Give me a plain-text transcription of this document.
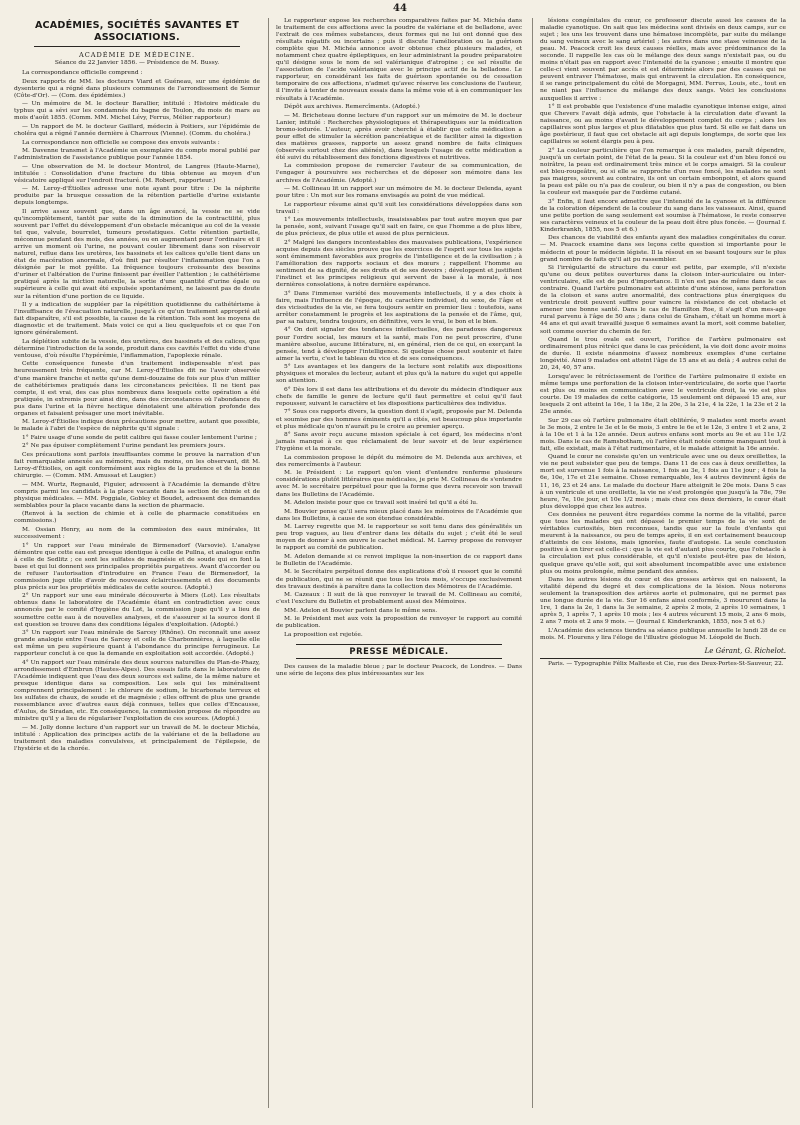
44
ACADÉMIES, SOCIÉTÉS SAVANTES ET ASSOCIATIONS.
ACADÉMIE DE MÉDECINE.
Séance du 22 Janvier 1856. — Présidence de M. Bussy.

La correspondance officielle comprend :

Deux rapports de MM. les docteurs Viard et Guéneau, sur une épidémie de dysenterie qui a régné dans plusieurs communes de l'arrondissement de Semur (Côte-d'Or). — (Com. des épidémies.)

— Un mémoire de M. le docteur Barallier, intitulé : Histoire médicale du typhus qui a sévi sur les condamnés du bagne de Toulon, du mois de mars au mois d'août 1855. (Comm. MM. Michel Lévy, Ferrus, Mélier rapporteur.)

— Un rapport de M. le docteur Gaillard, médecin à Poitiers, sur l'épidémie de choléra qui a régné l'année dernière à Charroux (Vienne). (Comm. du choléra.)

La correspondance non officielle se compose des envois suivants :

M. Davenne transmet à l'Académie un exemplaire du compte moral publié par l'administration de l'assistance publique pour l'année 1854.

— Une observation de M. le docteur Montrol, de Langres (Haute-Marne), intitulée : Consolidation d'une fracture du tibia obtenue au moyen d'un vésicatoire appliqué sur l'endroit fracturé. (M. Robert, rapporteur.)

— M. Leroy-d'Étiolles adresse une note ayant pour titre : De la néphrite produite par la brusque cessation de la rétention partielle d'urine existante depuis longtemps.

Il arrive assez souvent que, dans un âge avancé, la vessie ne se vide qu'incomplètement, tantôt par suite de la diminution de la contractilité, plus souvent par l'effet du développement d'un obstacle mécanique au col de la vessie tel que, valvule, bourrelet, tumeurs prostatiques. Cette rétention partielle, méconnue pendant des mois, des années, ou en augmentant pour l'ordinaire et il arrive un moment où l'urine, ne pouvant couler librement dans son réservoir naturel, reflue dans les uretères, les bassinets et les calices qu'elle tient dans un état de macération anormale, d'où finit par résulter l'inflammation que l'on a désignée par le mot pyélite. La fréquence toujours croissante des besoins d'uriner et l'altération de l'urine finissent par éveiller l'attention ; le cathétérisme pratiqué après la miction naturelle, la sortie d'une quantité d'urine égale ou supérieure à celle qui avait été expulsée spontanément, ne laissent pas de doute sur la rétention d'une portion de ce liquide.

Il y a indication de suppléer par la répétition quotidienne du cathétérisme à l'insuffisance de l'évacuation naturelle, jusqu'à ce qu'un traitement approprié ait fait disparaître, s'il est possible, la cause de la rétention. Tels sont les moyens de diagnostic et de traitement. Mais voici ce qui a lieu quelquefois et ce que l'on ignore généralement.

La déplétion subite de la vessie, des uretères, des bassinets et des calices, que détermine l'introduction de la sonde, produit dans ces cavités l'effet du vide d'une ventouse, d'où résulte l'hypérémie, l'inflammation, l'apoplexie rénale.

Cette conséquence funeste d'un traitement indispensable n'est pas heureusement très fréquente, car M. Leroy-d'Étiolles dit ne l'avoir observée d'une manière franche et nette qu'une demi-douzaine de fois sur plus d'un millier de cathétérismes pratiqués dans les circonstances précitées. Il ne tient pas compte, il est vrai, des cas plus nombreux dans lesquels cette opération a été pratiquée, in extremis pour ainsi dire, dans des circonstances où l'abondance du pus dans l'urine et la fièvre hectique dénotaient une altération profonde des organes et faisaient présager une mort inévitable.

M. Leroy-d'Étiolles indique deux précautions pour mettre, autant que possible, le malade à l'abri de l'espèce de néphrite qu'il signale :

1° Faire usage d'une sonde de petit calibre qui fasse couler lentement l'urine ;

2° Ne pas épuiser complètement l'urine pendant les premiers jours.

Ces précautions sont parfois insuffisantes comme le prouve la narration d'un fait remarquable annexée au mémoire, mais du moins, on les observant, dit M. Leroy-d'Étiolles, on agit conformément aux règles de la prudence et de la bonne chirurgie. — (Comm. MM. Amussat et Laugier.)

— MM. Wurtz, Regnauld, Figuier, adressent à l'Académie la demande d'être compris parmi les candidats à la place vacante dans la section de chimie et de physique médicales. — MM. Poggiale, Gobley et Boudet, adressent des demandes semblables pour la place vacante dans la section de pharmacie.

(Renvoi à la section de chimie et à celle de pharmacie constituées en commissions.)

M. Ossian Henry, au nom de la commission des eaux minérales, lit successivement :

1° Un rapport sur l'eau minérale de Birmensdorf (Varsovie). L'analyse démontre que cette eau est presque identique à celle de Pullna, et analogue enfin à celle de Sedlitz ; ce sont les sulfates de magnésie et de soude qui en font la base et qui lui donnent ses principales propriétés purgatives. Avant d'accorder ou de refuser l'autorisation d'introduire en France l'eau de Birmensdorf, la commission juge utile d'avoir de nouveaux éclaircissements et des documents plus précis sur les propriétés médicales de cette source. (Adopté.)

2° Un rapport sur une eau minérale découverte à Miers (Lot). Les résultats obtenus dans le laboratoire de l'Académie étant en contradiction avec ceux annoncés par le comité d'hygiène du Lot, la commission juge qu'il y a lieu de soumettre cette eau à de nouvelles analyses, et de s'assurer si la source dont il est question se trouve dans des conditions légales d'exploitation. (Adopté.)

3° Un rapport sur l'eau minérale de Sarcey (Rhône). On reconnaît une assez grande analogie entre l'eau de Sarcey et celle de Charbonnières, à laquelle elle est même un peu supérieure quant à l'abondance du principe ferrugineux. Le rapporteur conclut à ce que la demande en exploitation soit accordée. (Adopté.)

4° Un rapport sur l'eau minérale des deux sources naturelles du Plan-de-Phazy, arrondissement d'Embrun (Hautes-Alpes). Des essais faits dans le laboratoire de l'Académie indiquent que l'eau des deux sources est saline, de la même nature et presque identique dans sa composition. Les sels qui les minéralisent comprennent principalement : le chlorure de sodium, le bicarbonate terreux et les sulfates de chaux, de soude et de magnésie ; elles offrent de plus une grande ressemblance avec d'autres eaux déjà connues, telles que celles d'Encausse, d'Aulus, de Siradan, etc. En conséquence, la commission propose de répondre au ministre qu'il y a lieu de régulariser l'exploitation de ces sources. (Adopté.)

— M. Jolly donne lecture d'un rapport sur un travail de M. le docteur Michéa, intitulé : Application des principes actifs de la valériane et de la belladone au traitement des maladies convulsives, et principalement de l'épilepsie, de l'hystérie et de la chorée.

Le rapporteur expose les recherches comparatives faites par M. Michéa dans le traitement de ces affections avec la poudre de valériane et de belladone, avec l'extrait de ces mêmes substances, deux formes qui ne lui ont donné que des résultats négatifs ou incertains ; puis il discute l'amélioration ou la guérison complète que M. Michéa annonce avoir obtenue chez plusieurs malades, et notamment chez quatre épileptiques, en leur administrant la poudre préparatoire qu'il désigne sous le nom de sel valérianique d'atropine ; ce sel résulte de l'association de l'acide valérianique avec le principe actif de la belladone. Le rapporteur, en considérant les faits de guérison spontanée ou de cessation temporaire de ces affections, n'admet qu'avec réserve les conclusions de l'auteur, il l'invite à tenter de nouveaux essais dans la même voie et à en communiquer les résultats à l'Académie.

Dépôt aux archives. Remercîments. (Adopté.)

— M. Bricheteau donne lecture d'un rapport sur un mémoire de M. le docteur Lanier, intitulé : Recherches physiologiques et thérapeutiques sur la médication bromo-iodurée. L'auteur, après avoir cherché à établir que cette médication a pour effet de stimuler la sécrétion pancréatique et de faciliter ainsi la digestion des matières grasses, rapporte un assez grand nombre de faits cliniques (observés surtout chez des aliénés), dans lesquels l'usage de cette médication a été suivi du rétablissement des fonctions digestives et nutritives.

La commission propose de remercier l'auteur de sa communication, de l'engager à poursuivre ses recherches et de déposer son mémoire dans les archives de l'Académie. (Adopté.)

— M. Collineau lit un rapport sur un mémoire de M. le docteur Delenda, ayant pour titre : Un mot sur les romans envisagés au point de vue médical.

Le rapporteur résume ainsi qu'il suit les considérations développées dans son travail :

1° Les mouvements intellectuels, insaisissables par tout autre moyen que par la pensée, sont, suivant l'usage qu'il sait en faire, ce que l'homme a de plus libre, de plus précieux, de plus utile et aussi de plus pernicieux.

2° Malgré les dangers incontestables des mauvaises publications, l'expérience acquise depuis des siècles prouve que les exercices de l'esprit sur tous les sujets sont éminemment favorables aux progrès de l'intelligence et de la civilisation ; à l'amélioration des rapports sociaux et des mœurs ; rappellent l'homme au sentiment de sa dignité, de ses droits et de ses devoirs ; développent et justifient l'instinct et les principes religieux qui servent de base à la morale, à nos dernières consolations, à notre dernière espérance.

3° Dans l'immense variété des mouvements intellectuels, il y a des choix à faire, mais l'influence de l'époque, du caractère individuel, du sexe, de l'âge et des vicissitudes de la vie, se fera toujours sentir en premier lieu : toutefois, sans arrêter constamment le progrès et les aspirations de la pensée et de l'âme, qui, par sa nature, tendra toujours, en définitive, vers le vrai, le bon et le bien.

4° On doit signaler des tendances intellectuelles, des paradoxes dangereux pour l'ordre social, les mœurs et la santé, mais l'on ne peut proscrire, d'une manière absolue, aucune littérature, ni, en général, rien de ce qui, en exerçant la pensée, tend à développer l'intelligence. Si quelque chose peut soutenir et faire aimer la vertu, c'est le tableau du vice et de ses conséquences.

5° Les avantages et les dangers de la lecture sont relatifs aux dispositions physiques et morales du lecteur, autant et plus qu'à la nature du sujet qui appelle son attention.

6° Dès lors il est dans les attributions et du devoir du médecin d'indiquer aux chefs de famille le genre de lecture qu'il faut permettre et celui qu'il faut repousser, suivant le caractère et les dispositions particulières des individus.

7° Sous ces rapports divers, la question dont il s'agit, proposée par M. Delenda et soumise par des hommes éminents qu'il a cités, est beaucoup plus importante et plus médicale qu'on n'aurait pu le croire au premier aperçu.

8° Sans avoir reçu aucune mission spéciale à cet égard, les médecins n'ont jamais manqué à ce que réclamaient de leur savoir et de leur expérience l'hygiène et la morale.

La commission propose le dépôt du mémoire de M. Delenda aux archives, et des remercîments à l'auteur.

M. le Président : Le rapport qu'on vient d'entendre renferme plusieurs considérations plutôt littéraires que médicales, je prie M. Collineau de s'entendre avec M. le secrétaire perpétuel pour que la forme que devra recevoir son travail dans les Bulletins de l'Académie.

M. Adelon insiste pour que ce travail soit inséré tel qu'il a été lu.

M. Bouvier pense qu'il sera mieux placé dans les mémoires de l'Académie que dans les Bulletins, à cause de son étendue considérable.

M. Larrey regrette que M. le rapporteur se soit tenu dans des généralités un peu trop vagues, au lieu d'entrer dans les détails du sujet ; c'eût été le seul moyen de donner à son œuvre le cachet médical. M. Larrey propose de renvoyer le rapport au comité de publication.

M. Adelon demande si ce renvoi implique la non-insertion de ce rapport dans le Bulletin de l'Académie.

M. le Secrétaire perpétuel donne des explications d'où il ressort que le comité de publication, qui ne se réunit que tous les trois mois, s'occupe exclusivement des travaux destinés à paraître dans la collection des Mémoires de l'Académie.

M. Cazeaux : Il suit de là que renvoyer le travail de M. Collineau au comité, c'est l'exclure du Bulletin et probablement aussi des Mémoires.

MM. Adelon et Bouvier parlent dans le même sens.

M. le Président met aux voix la proposition de renvoyer le rapport au comité de publication.

La proposition est rejetée.

PRESSE MÉDICALE.

Des causes de la maladie bleue ; par le docteur Peacock, de Londres. — Dans une série de leçons des plus intéressantes sur les

lésions congénitales du cœur, ce professeur discute aussi les causes de la maladie cyanotique. On sait que les médecins sont divisés en deux camps, sur ce sujet ; les uns les trouvent dans une hématose incomplète, par suite du mélange du sang veineux avec le sang artériel ; les autres dans une stase veineuse de la peau. M. Peacock croit les deux causes réelles, mais avec prédominance de la seconde. Il rappelle les cas où le mélange des deux sangs n'existait pas, ou du moins n'était pas en rapport avec l'intensité de la cyanose ; ensuite il montre que celle-ci vient souvent par accès et est déterminée alors par des causes qui ne peuvent entraver l'hématose, mais qui entravent la circulation. En conséquence, il se range principalement du côté de Morgagni, MM. Ferrus, Louis, etc., tout en ne niant pas l'influence du mélange des deux sangs. Voici les conclusions auxquelles il arrive :

1° Il est probable que l'existence d'une maladie cyanotique intense exige, ainsi que Chevers l'avait déjà admis, que l'obstacle à la circulation date d'avant la naissance, ou au moins d'avant le développement complet du corps ; alors les capillaires sont plus larges et plus dilatables que plus tard. Si elle se fait dans un âge postérieur, il faut que cet obstacle ait agi depuis longtemps, de sorte que les capillaires se soient élargis peu à peu.

2° La couleur particulière que l'on remarque à ces malades, paraît dépendre, jusqu'à un certain point, de l'état de la peau. Si la couleur est d'un bleu foncé ou noirâtre, la peau est ordinairement très mince et le corps amaigri. Si la couleur est bleu-rougeâtre, ou si elle se rapproche d'un rose foncé, les malades ne sont pas maigres, souvent au contraire, ils ont un certain embonpoint, et alors quand la peau est pâle ou n'a pas de couleur, ou bien il n'y a pas de congestion, ou bien la couleur est masquée par de l'œdème cutané.

3° Enfin, il faut encore admettre que l'intensité de la cyanose et la différence de la coloration dépendent de la couleur du sang dans les vaisseaux. Ainsi, quand une petite portion de sang seulement est soumise à l'hématose, le reste conserve ses caractères veineux et la couleur de la peau doit être plus foncée. — (Journal f. Kinderkrankh, 1855, nos 5 et 6.)

Des chances de viabilité des enfants ayant des maladies congénitales du cœur. — M. Peacock examine dans ses leçons cette question si importante pour le médecin et pour le médecin légiste. Il la résout en se basant toujours sur le plus grand nombre de faits qu'il ait pu rassembler.

Si l'irrégularité de structure du cœur est petite, par exemple, s'il n'existe qu'une ou deux petites ouvertures dans la cloison inter-auriculaire ou inter-ventriculaire, elle est de peu d'importance. Il n'en est pas de même dans le cas contraire. Quand l'artère pulmonaire est atteinte d'une sténose, sans perforation de la cloison et sans autre anormalité, des contractions plus énergiques du ventricule droit peuvent suffire pour vaincre la résistance de cet obstacle et amener une bonne santé. Dans le cas de Hamilton Roe, il s'agit d'un mes-age rural parvenu à l'âge de 50 ans ; dans celui de Graham, c'était un homme mort à 44 ans et qui avait travaillé jusque 6 semaines avant la mort, soit comme batelier, soit comme ouvrier du chemin de fer.

Quand le trou ovale est ouvert, l'orifice de l'artère pulmonaire est ordinairement plus rétréci que dans le cas précédent, la vie doit donc avoir moins de durée. Il existe néanmoins d'assez nombreux exemples d'une certaine longévité. Ainsi 9 malades ont atteint l'âge de 15 ans et au delà ; 4 autres celui de 20, 24, 40, 57 ans.

Lorsqu'avec le rétrécissement de l'orifice de l'artère pulmonaire il existe en même temps une perforation de la cloison inter-ventriculaire, de sorte que l'aorte est plus ou moins en communication avec le ventricule droit, la vie est plus courte. De 19 malades de cette catégorie, 15 seulement ont dépassé 15 ans, sur lesquels 2 ont atteint la 16e, 1 la 18e, 2 la 20e, 3 la 21e, 4 la 22e, 1 la 23e et 2 la 25e année.

Sur 29 cas où l'artère pulmonaire était oblitérée, 9 malades sont morts avant le 3e mois, 2 entre le 3e et le 6e mois, 3 entre le 6e et le 12e, 3 entre 1 et 2 ans, 2 à la 10e et 1 à la 12e année. Deux autres enfans sont morts au 9e et au 11e 1/2 mois. Dans le cas de Ramsbotham, où l'artère était notée comme manquant tout à fait, elle existait, mais à l'état rudimentaire, et le malade atteignit la 16e année.

Quand le cœur ne consiste qu'en un ventricule avec une ou deux oreillettes, la vie ne peut subsister que peu de temps. Dans 11 de ces cas à deux oreillettes, la mort est survenue 1 fois à la naissance, 1 fois au 3e, 1 fois au 11e jour ; 4 fois la 6e, 10e, 17e et 21e semaine. Chose remarquable, les 4 autres devinrent âgés de 11, 16, 23 et 24 ans. Le malade du docteur Hare atteignit le 20e mois. Dans 5 cas à un ventricule et une oreillette, la vie ne s'est prolongée que jusqu'à la 78e, 79e heure, 7e, 10e jour, et 10e 1/2 mois ; mais chez ces deux derniers, le cœur était plus développé que chez les autres.

Ces données ne peuvent être regardées comme la norme de la vitalité, parce que tous les malades qui ont dépassé le premier temps de la vie sont de véritables curiosités, bien reconnues, tandis que sur la foule d'enfants qui meurent à la naissance, ou peu de temps après, il en est certainement beaucoup d'atteints de ces lésions, mais ignorées, faute d'autopsie. La seule conclusion positive à en tirer est celle-ci : que la vie est d'autant plus courte, que l'obstacle à la circulation est plus considérable, et qu'il n'existe peut-être pas de lésion, quelque grave qu'elle soit, qui soit absolument incompatible avec une existence plus ou moins prolongée, même pendant des années.

Dans les autres lésions du cœur et des grosses artères qui en naissent, la vitalité dépend du degré et des complications de la lésion. Nous noterons seulement la transposition des artères aorte et pulmonaire, qui ne permet pas une longue durée de la vie. Sur 16 enfans ainsi conformés, 3 moururent dans la 1re, 1 dans la 2e, 1 dans la 3e semaine, 2 après 2 mois, 2 après 10 semaines, 1 après 5, 1 après 7, 1 après 10 mois ; les 4 autres vécurent 15 mois, 2 ans 6 mois, 2 ans 7 mois et 2 ans 9 mois. — (Journal f. Kinderkrankh, 1855, nos 5 et 6.)

L'Académie des sciences tiendra sa séance publique annuelle le lundi 28 de ce mois. M. Flourens y lira l'éloge de l'illustre géologue M. Léopold de Buch.

Le Gérant, G. Richelot.

Paris. — Typographie Félix Malteste et Cie, rue des Deux-Portes-St-Sauveur, 22.
